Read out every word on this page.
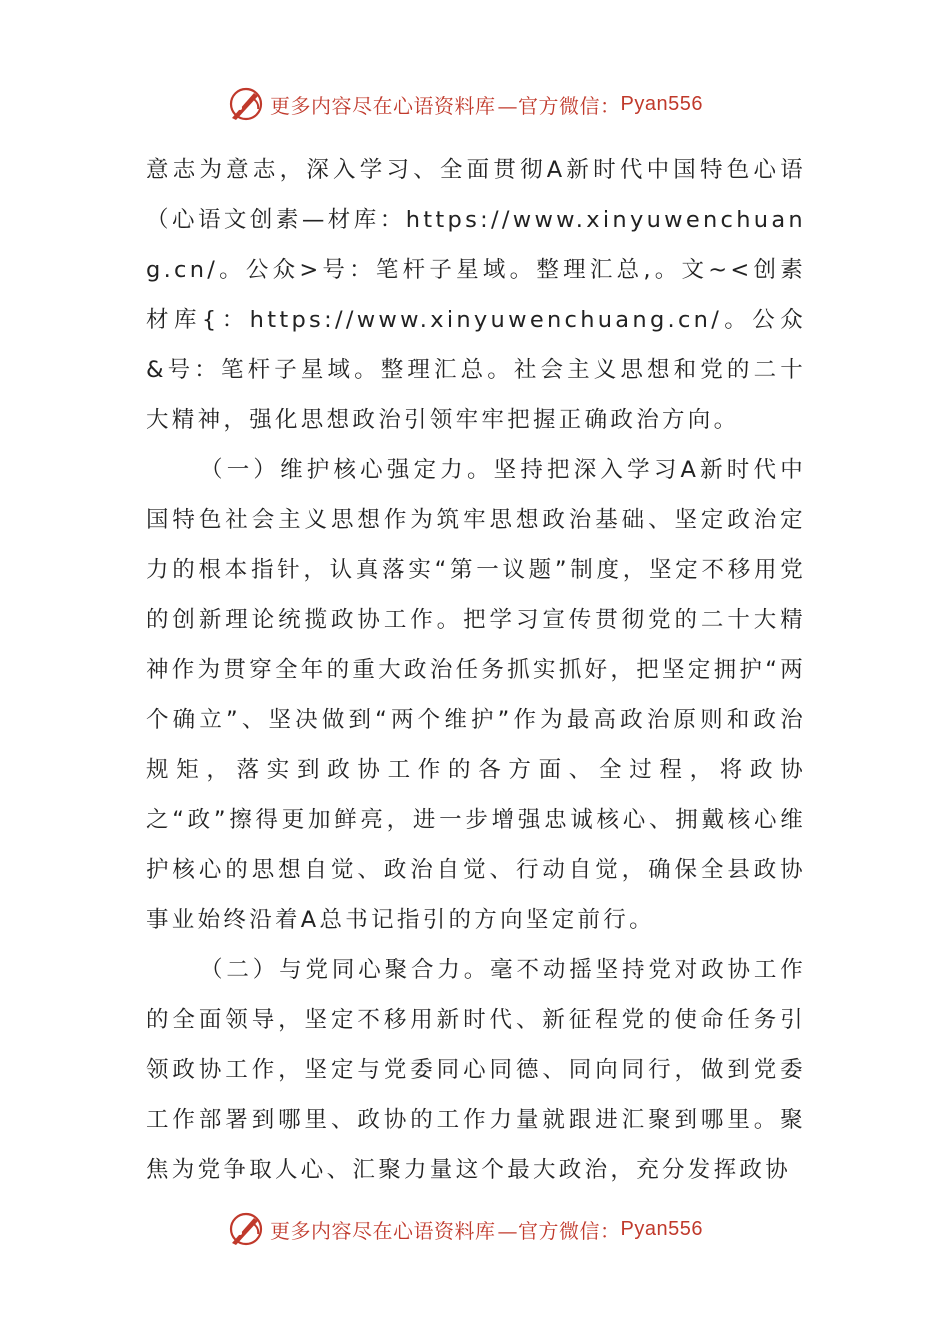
更多内容尽在心语资料库 —官方微信： Pyan556

意志为意志，深入学习、全面贯彻A新时代中国特色心语（心语文创素—材库：https://www.xinyuwenchuang.cn/。公众>号：笔杆子星域。整理汇总,。文~<创素材库{：https://www.xinyuwenchuang.cn/。公众&号：笔杆子星域。整理汇总。社会主义思想和党的二十大精神，强化思想政治引领牢牢把握正确政治方向。

（一）维护核心强定力。坚持把深入学习A新时代中国特色社会主义思想作为筑牢思想政治基础、坚定政治定力的根本指针，认真落实“第一议题”制度，坚定不移用党的创新理论统揽政协工作。把学习宣传贯彻党的二十大精神作为贯穿全年的重大政治任务抓实抓好，把坚定拥护“两个确立”、坚决做到“两个维护”作为最高政治原则和政治规矩，落实到政协工作的各方面、全过程，将政协之“政”擦得更加鲜亮，进一步增强忠诚核心、拥戴核心维护核心的思想自觉、政治自觉、行动自觉，确保全县政协事业始终沿着A总书记指引的方向坚定前行。

（二）与党同心聚合力。毫不动摇坚持党对政协工作的全面领导，坚定不移用新时代、新征程党的使命任务引领政协工作，坚定与党委同心同德、同向同行，做到党委工作部署到哪里、政协的工作力量就跟进汇聚到哪里。聚焦为党争取人心、汇聚力量这个最大政治，充分发挥政协

更多内容尽在心语资料库 —官方微信： Pyan556
